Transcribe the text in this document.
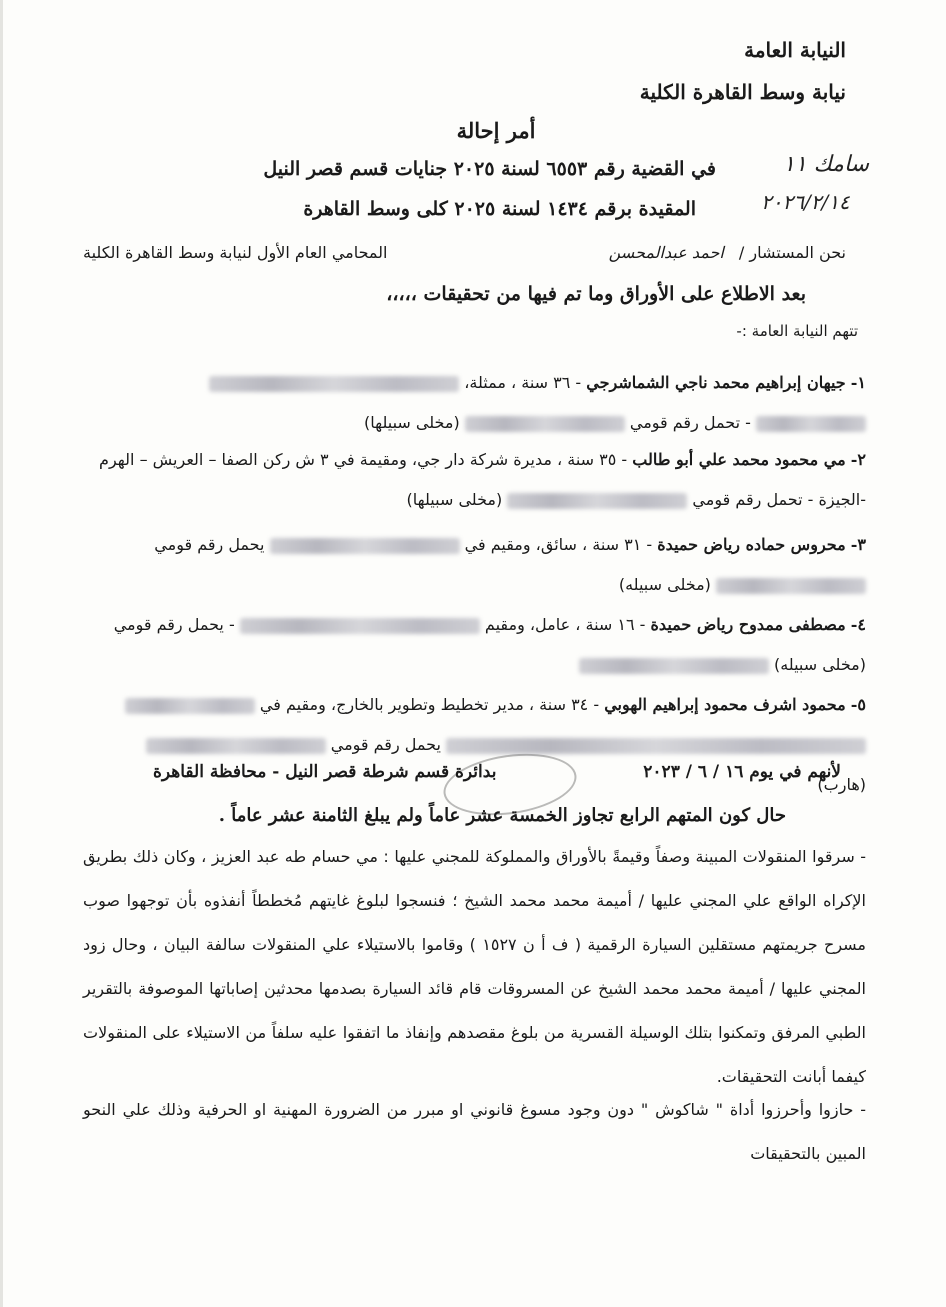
النيابة العامة
نيابة وسط القاهرة الكلية
أمر إحالة
في القضية رقم ٦٥٥٣ لسنة ٢٠٢٥ جنايات قسم قصر النيل
المقيدة برقم ١٤٣٤ لسنة ٢٠٢٥ كلى وسط القاهرة
سامك ١١
٢٠٢٦/٢/١٤
نحن المستشار / احمد عبدالمحسن
المحامي العام الأول لنيابة وسط القاهرة الكلية
بعد الاطلاع على الأوراق وما تم فيها من تحقيقات ،،،،،
تتهم النيابة العامة :-
١- جيهان إبراهيم محمد ناجي الشماشرجي - ٣٦ سنة ، ممثلة،
- تحمل رقم قومي  (مخلى سبيلها)
٢- مي محمود محمد علي أبو طالب - ٣٥ سنة ، مديرة شركة دار جي، ومقيمة في ٣ ش ركن الصفا – العريش – الهرم
-الجيزة - تحمل رقم قومي  (مخلى سبيلها)
٣- محروس حماده رياض حميدة - ٣١ سنة ، سائق، ومقيم في  يحمل رقم قومي
(مخلى سبيله)
٤- مصطفى ممدوح رياض حميدة - ١٦ سنة ، عامل، ومقيم  - يحمل رقم قومي
(مخلى سبيله)
٥- محمود اشرف محمود إبراهيم الهوبي - ٣٤ سنة ، مدير تخطيط وتطوير بالخارج، ومقيم في
يحمل رقم قومي  (هارب)
لأنهم في يوم ١٦ / ٦ / ٢٠٢٣
بدائرة قسم شرطة قصر النيل - محافظة القاهرة
حال كون المتهم الرابع تجاوز الخمسة عشر عاماً ولم يبلغ الثامنة عشر عاماً .
- سرقوا المنقولات المبينة وصفاً وقيمةً بالأوراق والمملوكة للمجني عليها : مي حسام طه عبد العزيز ، وكان ذلك بطريق الإكراه الواقع علي المجني عليها / أميمة محمد محمد الشيخ ؛ فنسجوا لبلوغ غايتهم مُخططاً أنفذوه بأن توجهوا صوب مسرح جريمتهم مستقلين السيارة الرقمية ( ف أ ن ١٥٢٧ ) وقاموا بالاستيلاء علي المنقولات سالفة البيان ، وحال زود المجني عليها / أميمة محمد محمد الشيخ عن المسروقات قام قائد السيارة بصدمها محدثين إصاباتها الموصوفة بالتقرير الطبي المرفق وتمكنوا بتلك الوسيلة القسرية من بلوغ مقصدهم وإنفاذ ما اتفقوا عليه سلفاً من الاستيلاء على المنقولات كيفما أبانت التحقيقات.
- حازوا وأحرزوا أداة " شاكوش " دون وجود مسوغ قانوني او مبرر من الضرورة المهنية او الحرفية وذلك علي النحو المبين بالتحقيقات
